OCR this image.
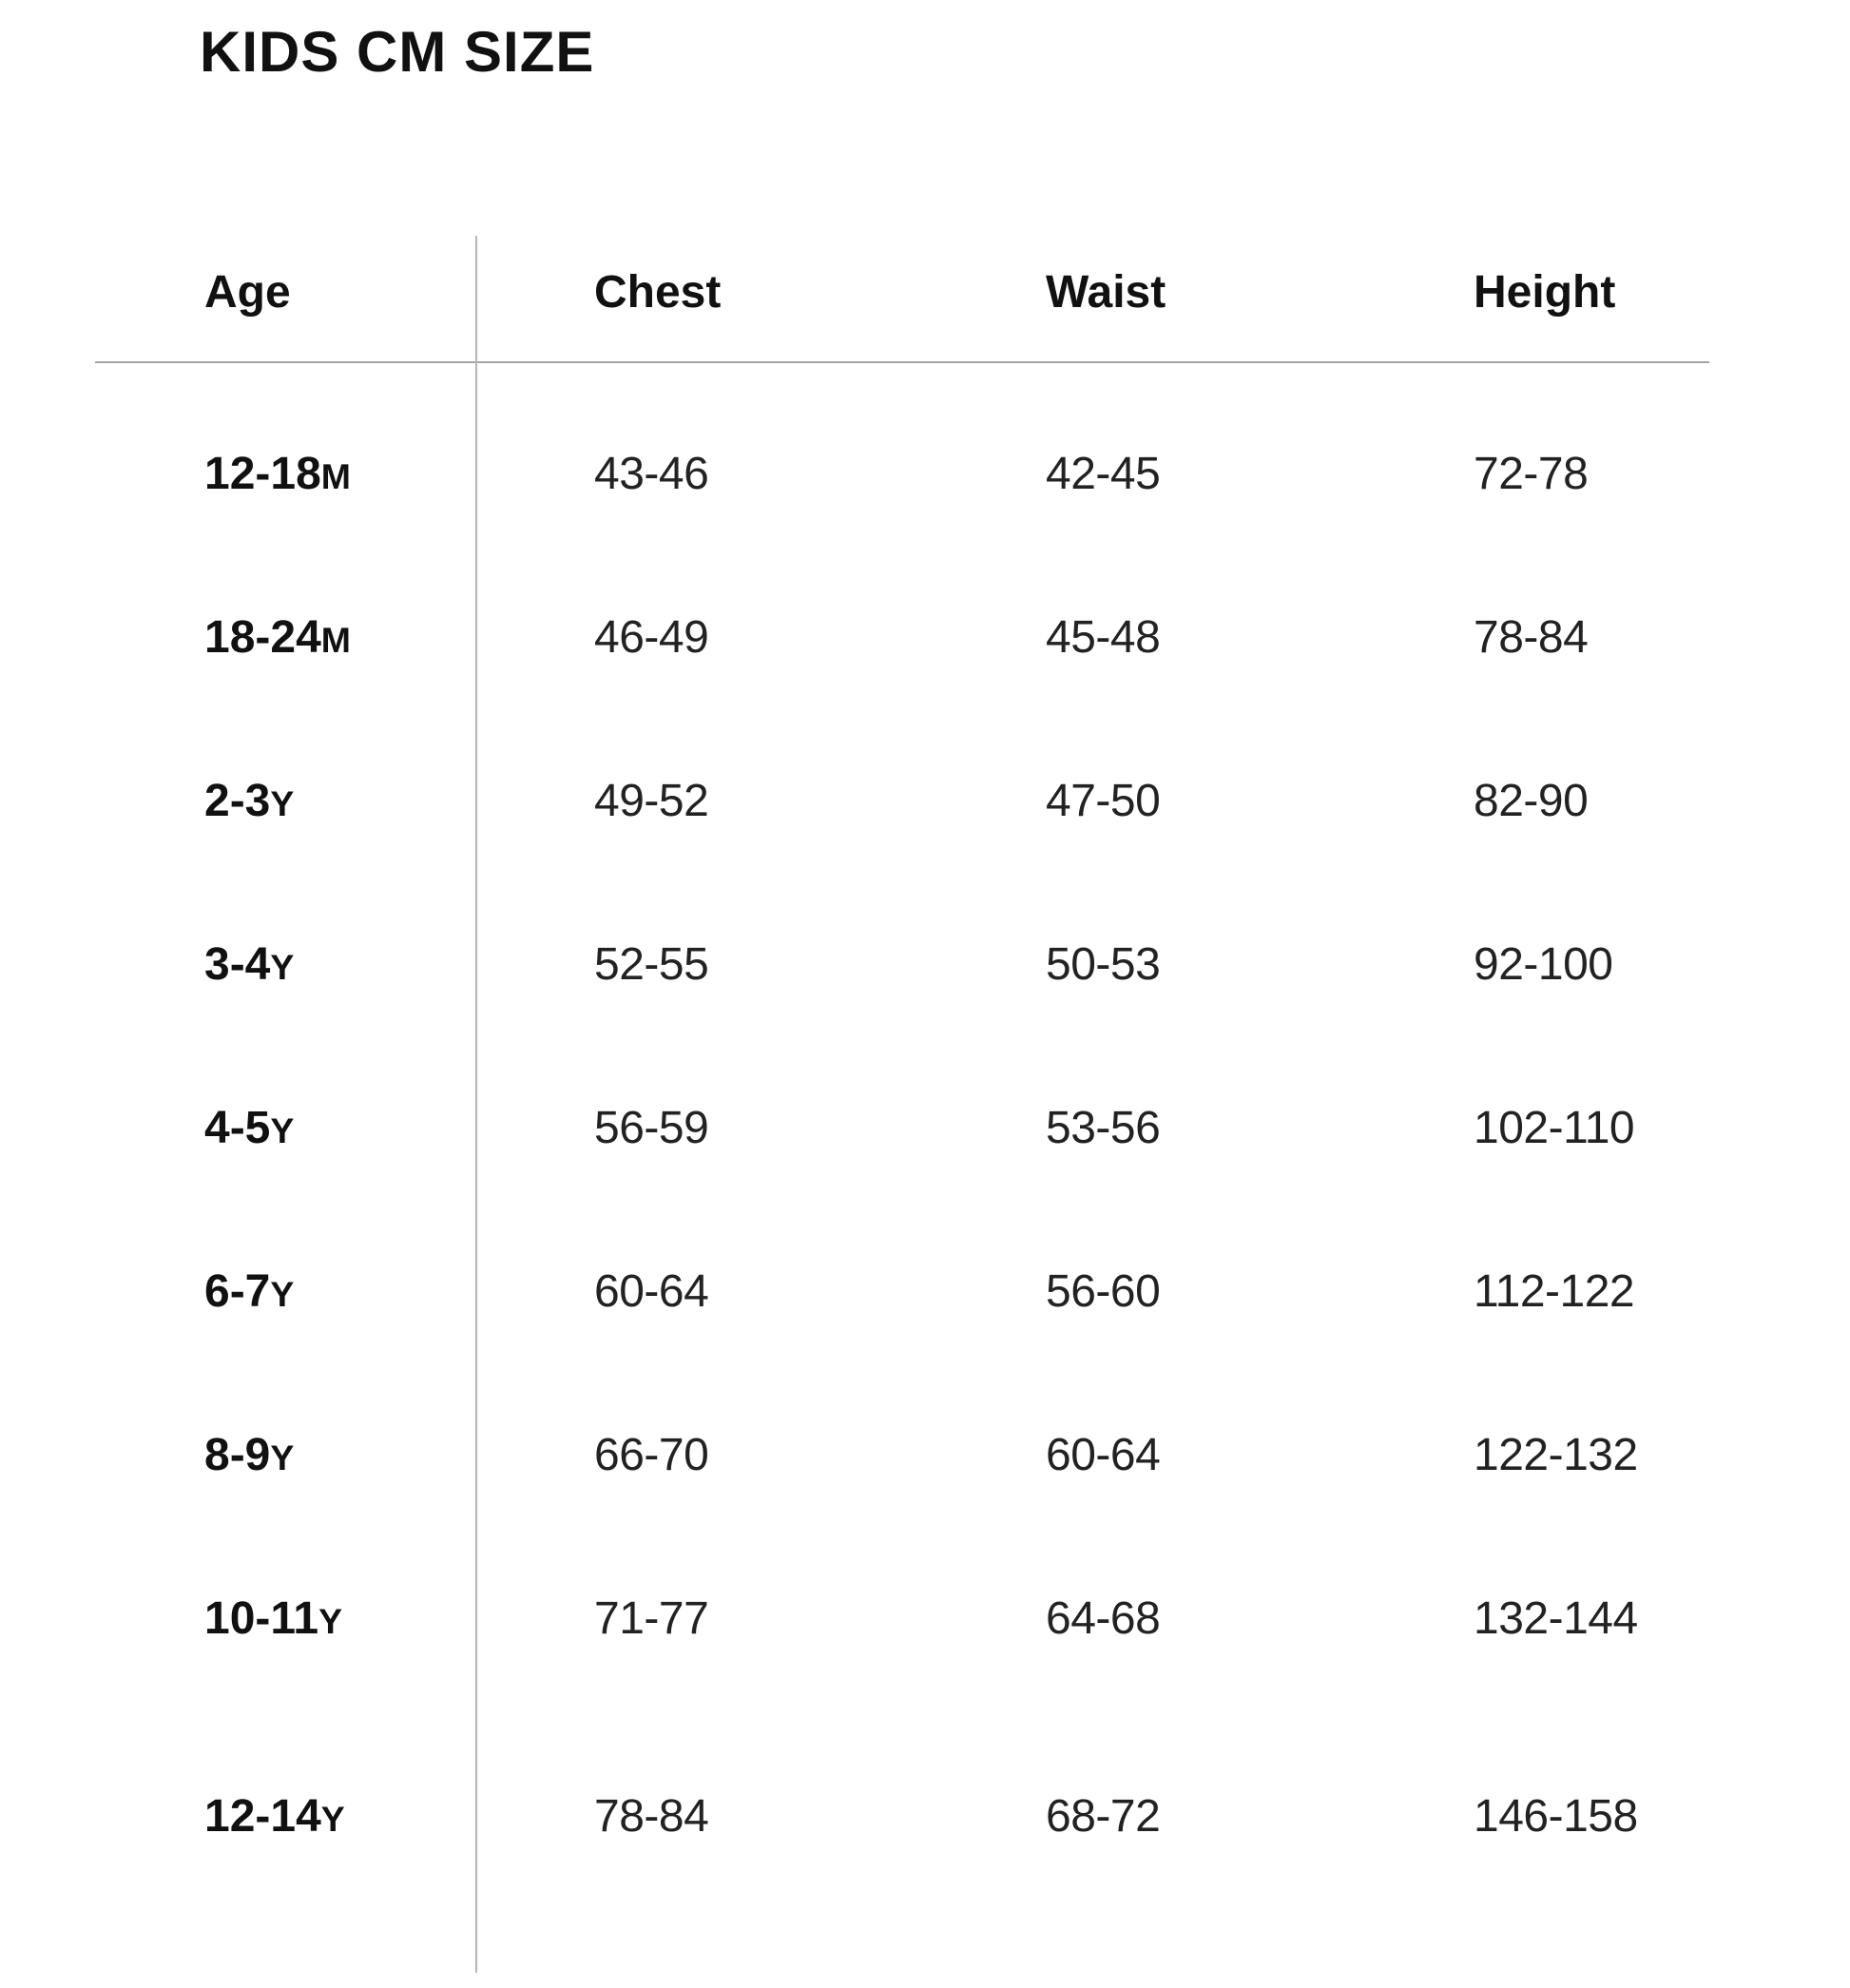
KIDS CM SIZE
Age	Chest	Waist	Height
12-18M	43-46	42-45	72-78
18-24M	46-49	45-48	78-84
2-3Y	49-52	47-50	82-90
3-4Y	52-55	50-53	92-100
4-5Y	56-59	53-56	102-110
6-7Y	60-64	56-60	112-122
8-9Y	66-70	60-64	122-132
10-11Y	71-77	64-68	132-144
12-14Y	78-84	68-72	146-158
